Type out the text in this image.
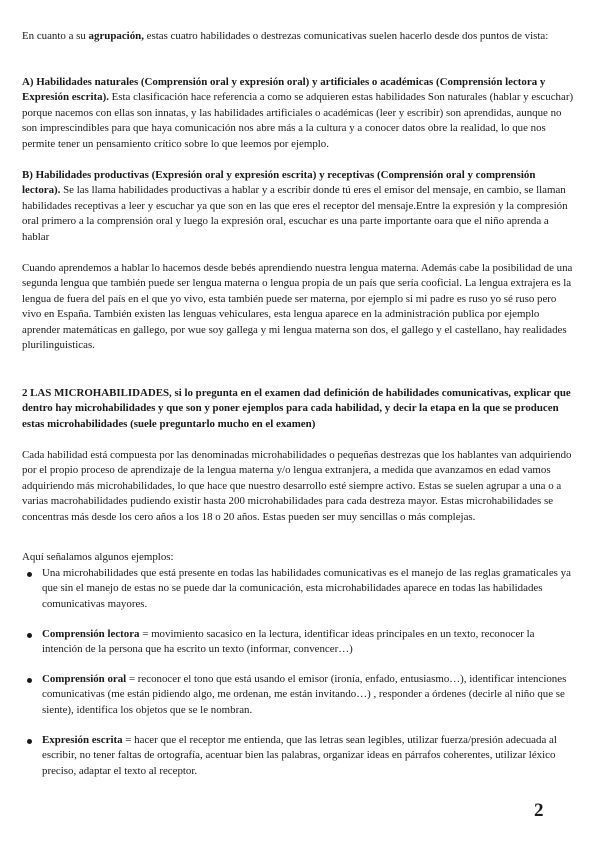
En cuanto a su agrupación, estas cuatro habilidades o destrezas comunicativas suelen hacerlo desde dos puntos de vista:

A) Habilidades naturales (Comprensión oral y expresión oral) y artificiales o académicas (Comprensión lectora y Expresión escrita). Esta clasificación hace referencia a como se adquieren estas habilidades Son naturales (hablar y escuchar) porque nacemos con ellas son innatas, y las habilidades artificiales o académicas (leer y escribir) son aprendidas, aunque no son imprescindibles para que haya comunicación nos abre más a la cultura y a conocer datos obre la realidad, lo que nos permite tener un pensamiento crítico sobre lo que leemos por ejemplo.

B) Habilidades productivas (Expresión oral y expresión escrita) y receptivas (Comprensión oral y comprensión lectora). Se las llama habilidades productivas a hablar y a escribir donde tú eres el emisor del mensaje, en cambio, se llaman habilidades receptivas a leer y escuchar ya que son en las que eres el receptor del mensaje.Entre la expresión y la compresión oral primero a la comprensión oral y luego la expresión oral, escuchar es una parte importante oara que el niño aprenda a hablar

Cuando aprendemos a hablar lo hacemos desde bebés aprendiendo nuestra lengua materna. Además cabe la posibilidad de una segunda lengua que también puede ser lengua materna o lengua propia de un país que sería cooficial. La lengua extrajera es la lengua de fuera del país en el que yo vivo, esta también puede ser materna, por ejemplo si mi padre es ruso yo sé ruso pero vivo en España. También existen las lenguas vehiculares, esta lengua aparece en la administración publica por ejemplo aprender matemáticas en gallego, por wue soy gallega y mi lengua materna son dos, el gallego y el castellano, hay realidades plurilinguisticas.

2 LAS MICROHABILIDADES, si lo pregunta en el examen dad definición de habilidades comunicativas, explicar que dentro hay microhabilidades y que son y poner ejemplos para cada habilidad, y decir la etapa en la que se producen estas microhabilidades (suele preguntarlo mucho en el examen)

Cada habilidad está compuesta por las denominadas microhabilidades o pequeñas destrezas que los hablantes van adquiriendo por el propio proceso de aprendizaje de la lengua materna y/o lengua extranjera, a medida que avanzamos en edad vamos adquiriendo más microhabilidades, lo que hace que nuestro desarrollo esté siempre activo. Estas se suelen agrupar a una o a varias macrohabilidades pudiendo existir hasta 200 microhabilidades para cada destreza mayor. Estas microhabilidades se concentras más desde los cero años a los 18 o 20 años. Estas pueden ser muy sencillas o más complejas.

Aquí señalamos algunos ejemplos:

Una microhabilidades que está presente en todas las habilidades comunicativas es el manejo de las reglas gramaticales ya que sin el manejo de estas no se puede dar la comunicación, esta microhabilidades aparece en todas las habilidades comunicativas mayores.
Comprensión lectora = movimiento sacasico en la lectura, identificar ideas principales en un texto, reconocer la intención de la persona que ha escrito un texto (informar, convencer…)
Comprensión oral = reconocer el tono que está usando el emisor (ironía, enfado, entusiasmo…), identificar intenciones comunicativas (me están pidiendo algo, me ordenan, me están invitando…) , responder a órdenes (decirle al niño que se siente), identifica los objetos que se le nombran.
Expresión escrita = hacer que el receptor me entienda, que las letras sean legibles, utilizar fuerza/presión adecuada al escribir, no tener faltas de ortografía, acentuar bien las palabras, organizar ideas en párrafos coherentes, utilizar léxico preciso, adaptar el texto al receptor.
2
